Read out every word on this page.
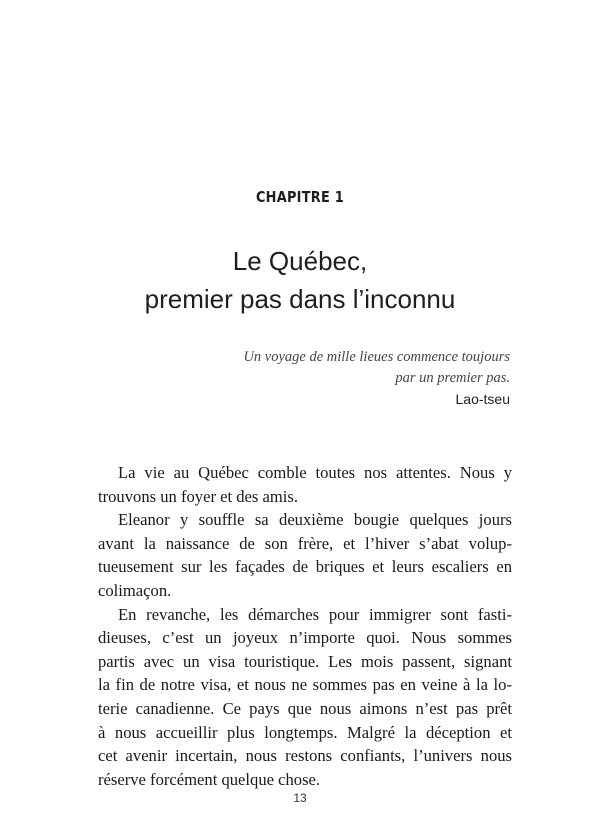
CHAPITRE 1
Le Québec,
premier pas dans l’inconnu
Un voyage de mille lieues commence toujours
par un premier pas.
Lao-tseu

La vie au Québec comble toutes nos attentes. Nous y
trouvons un foyer et des amis.

Eleanor y souffle sa deuxième bougie quelques jours
avant la naissance de son frère, et l’hiver s’abat volup-
tueusement sur les façades de briques et leurs escaliers en
colimaçon.

En revanche, les démarches pour immigrer sont fasti-
dieuses, c’est un joyeux n’importe quoi. Nous sommes
partis avec un visa touristique. Les mois passent, signant
la fin de notre visa, et nous ne sommes pas en veine à la lo-
terie canadienne. Ce pays que nous aimons n’est pas prêt
à nous accueillir plus longtemps. Malgré la déception et
cet avenir incertain, nous restons confiants, l’univers nous
réserve forcément quelque chose.

13
